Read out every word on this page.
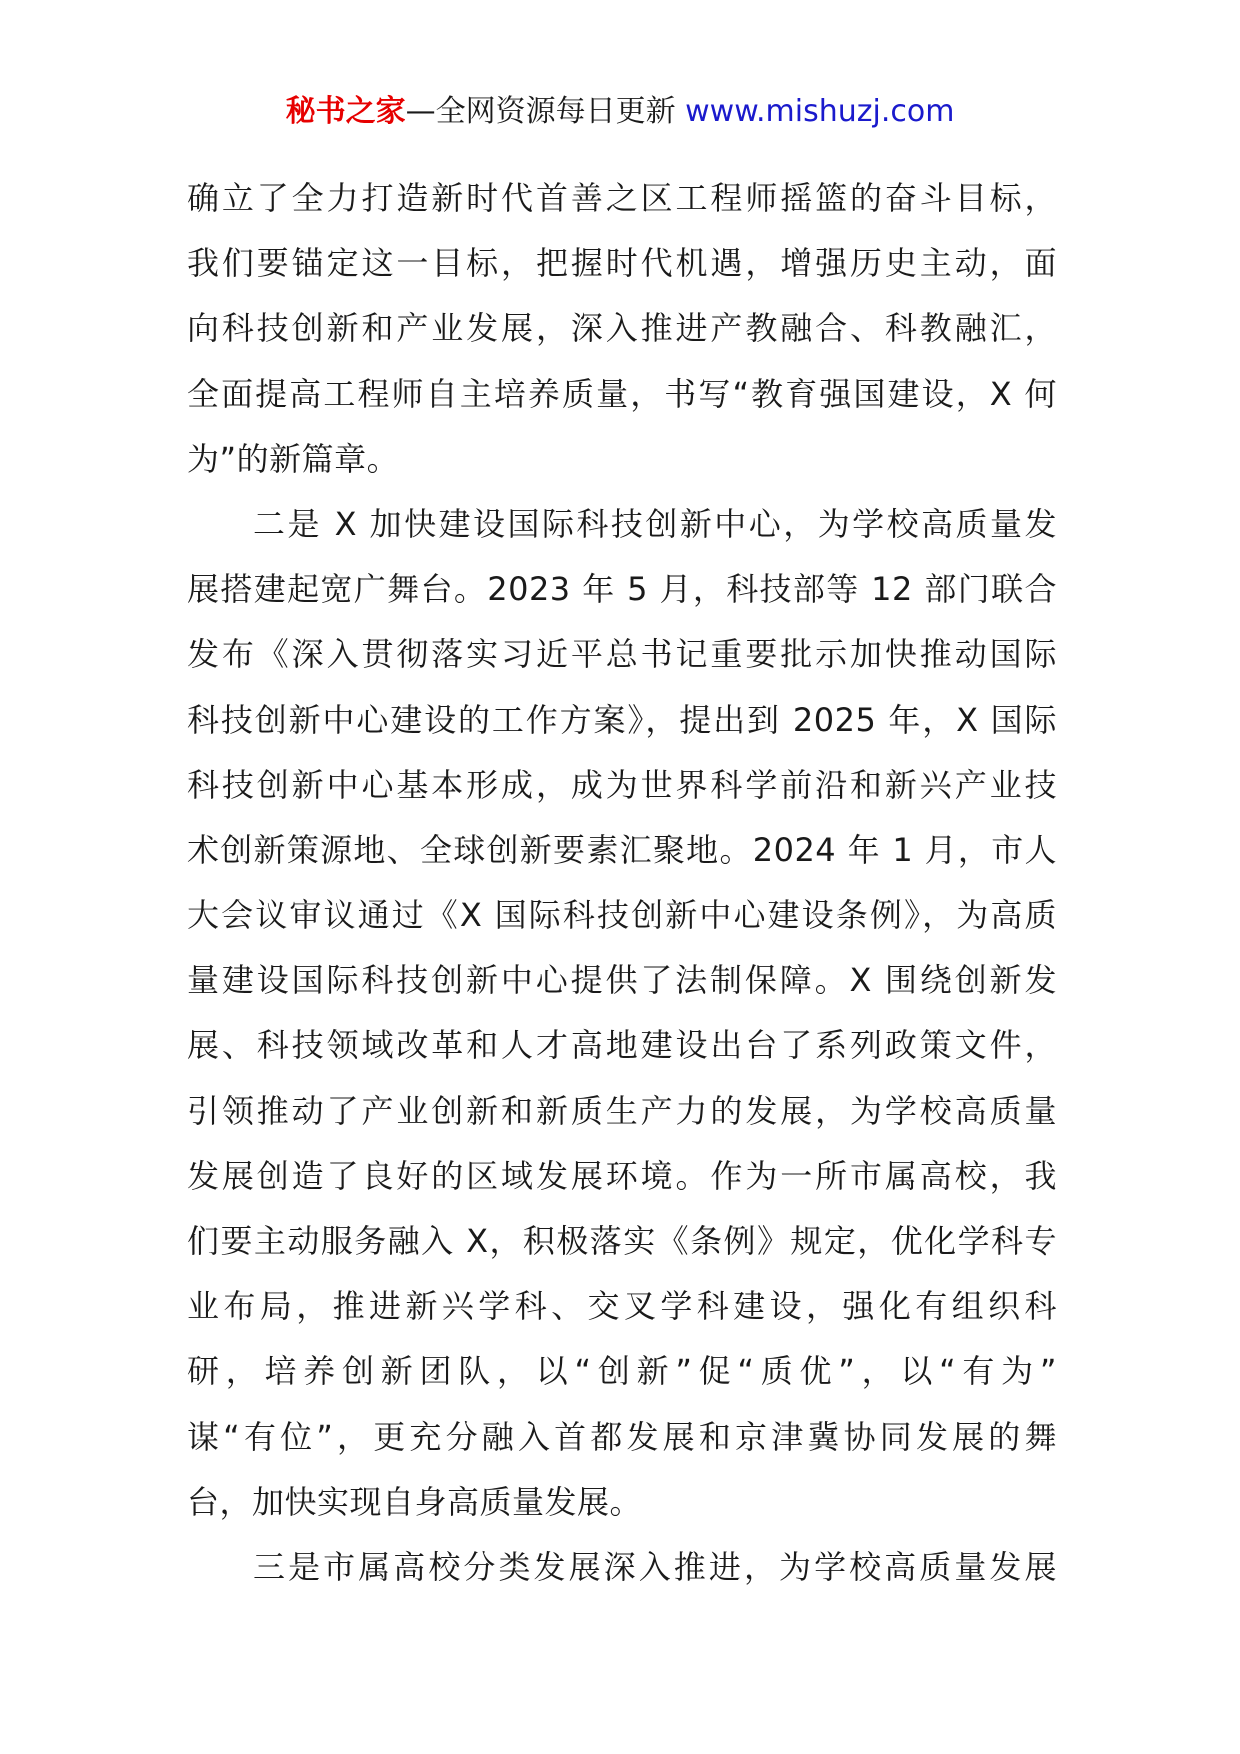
秘书之家—全网资源每日更新 www.mishuzj.com
确立了全力打造新时代首善之区工程师摇篮的奋斗目标，
我们要锚定这一目标，把握时代机遇，增强历史主动，面
向科技创新和产业发展，深入推进产教融合、科教融汇，
全面提高工程师自主培养质量，书写“教育强国建设，X 何
为”的新篇章。
二是 X 加快建设国际科技创新中心，为学校高质量发
展搭建起宽广舞台。2023 年 5 月，科技部等 12 部门联合
发布《深入贯彻落实习近平总书记重要批示加快推动国际
科技创新中心建设的工作方案》，提出到 2025 年，X 国际
科技创新中心基本形成，成为世界科学前沿和新兴产业技
术创新策源地、全球创新要素汇聚地。2024 年 1 月，市人
大会议审议通过《X 国际科技创新中心建设条例》，为高质
量建设国际科技创新中心提供了法制保障。X 围绕创新发
展、科技领域改革和人才高地建设出台了系列政策文件，
引领推动了产业创新和新质生产力的发展，为学校高质量
发展创造了良好的区域发展环境。作为一所市属高校，我
们要主动服务融入 X，积极落实《条例》规定，优化学科专
业布局，推进新兴学科、交叉学科建设，强化有组织科
研，培养创新团队，以“创新”促“质优”，以“有为”
谋“有位”，更充分融入首都发展和京津冀协同发展的舞
台，加快实现自身高质量发展。
三是市属高校分类发展深入推进，为学校高质量发展
